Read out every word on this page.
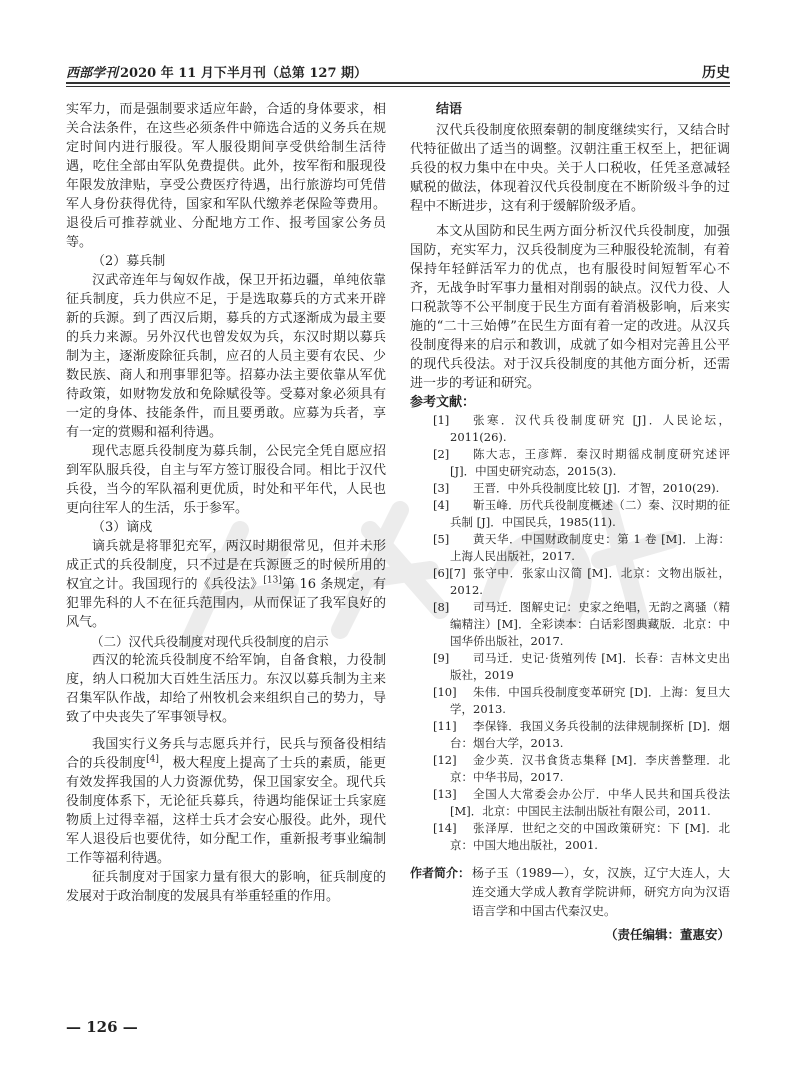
西部学刊 2020 年 11 月下半月刊（总第 127 期）	历史

实军力，而是强制要求适应年龄，合适的身体要求，相关合法条件，在这些必须条件中筛选合适的义务兵在规定时间内进行服役。军人服役期间享受供给制生活待遇，吃住全部由军队免费提供。此外，按军衔和服现役年限发放津贴，享受公费医疗待遇，出行旅游均可凭借军人身份获得优待，国家和军队代缴养老保险等费用。退役后可推荐就业、分配地方工作、报考国家公务员等。

（2）募兵制

汉武帝连年与匈奴作战，保卫开拓边疆，单纯依靠征兵制度，兵力供应不足，于是选取募兵的方式来开辟新的兵源。到了西汉后期，募兵的方式逐渐成为最主要的兵力来源。另外汉代也曾发奴为兵，东汉时期以募兵制为主，逐渐废除征兵制，应召的人员主要有农民、少数民族、商人和刑事罪犯等。招募办法主要依靠从军优待政策，如财物发放和免除赋役等。受募对象必须具有一定的身体、技能条件，而且要勇敢。应募为兵者，享有一定的赏赐和福利待遇。

现代志愿兵役制度为募兵制，公民完全凭自愿应招到军队服兵役，自主与军方签订服役合同。相比于汉代兵役，当今的军队福利更优质，时处和平年代，人民也更向往军人的生活，乐于参军。

（3）谪戍

谪兵就是将罪犯充军，两汉时期很常见，但并未形成正式的兵役制度，只不过是在兵源匮乏的时候所用的权宜之计。我国现行的《兵役法》[13]第 16 条规定，有犯罪先科的人不在征兵范围内，从而保证了我军良好的风气。

（二）汉代兵役制度对现代兵役制度的启示

西汉的轮流兵役制度不给军饷，自备食粮，力役制度，纳人口税加大百姓生活压力。东汉以募兵制为主来召集军队作战，却给了州牧机会来组织自己的势力，导致了中央丧失了军事领导权。

我国实行义务兵与志愿兵并行，民兵与预备役相结合的兵役制度[4]，极大程度上提高了士兵的素质，能更有效发挥我国的人力资源优势，保卫国家安全。现代兵役制度体系下，无论征兵募兵，待遇均能保证士兵家庭物质上过得幸福，这样士兵才会安心服役。此外，现代军人退役后也要优待，如分配工作，重新报考事业编制工作等福利待遇。

征兵制度对于国家力量有很大的影响，征兵制度的发展对于政治制度的发展具有举重轻重的作用。

结语

汉代兵役制度依照秦朝的制度继续实行，又结合时代特征做出了适当的调整。汉朝注重王权至上，把征调兵役的权力集中在中央。关于人口税收，任凭圣意减轻赋税的做法，体现着汉代兵役制度在不断阶级斗争的过程中不断进步，这有利于缓解阶级矛盾。

本文从国防和民生两方面分析汉代兵役制度，加强国防，充实军力，汉兵役制度为三种服役轮流制，有着保持年轻鲜活军力的优点，也有服役时间短暂军心不齐，无战争时军事力量相对削弱的缺点。汉代力役、人口税款等不公平制度于民生方面有着消极影响，后来实施的“二十三始傅”在民生方面有着一定的改进。从汉兵役制度得来的启示和教训，成就了如今相对完善且公平的现代兵役法。对于汉兵役制度的其他方面分析，还需进一步的考证和研究。

参考文献：

[1] 张寒．汉代兵役制度研究 [J]．人民论坛，2011(26).

[2] 陈大志，王彦辉．秦汉时期徭戍制度研究述评 [J]．中国史研究动态，2015(3).

[3] 王晋．中外兵役制度比较 [J]．才智，2010(29).

[4] 靳玉峰．历代兵役制度概述（二）秦、汉时期的征兵制 [J]．中国民兵，1985(11).

[5] 黄天华．中国财政制度史：第 1 卷 [M]．上海：上海人民出版社，2017.

[6][7] 张守中．张家山汉简 [M]．北京：文物出版社，2012.

[8] 司马迁．图解史记：史家之绝唱，无韵之离骚（精编精注）[M]．全彩读本：白话彩图典藏版．北京：中国华侨出版社，2017.

[9] 司马迁．史记·货殖列传 [M]．长春：吉林文史出版社，2019

[10] 朱伟．中国兵役制度变革研究 [D]．上海：复旦大学，2013.

[11] 李保锋．我国义务兵役制的法律规制探析 [D]．烟台：烟台大学，2013.

[12] 金少英．汉书食货志集释 [M]．李庆善整理．北京：中华书局，2017.

[13] 全国人大常委会办公厅．中华人民共和国兵役法[M]．北京：中国民主法制出版社有限公司，2011.

[14] 张泽厚．世纪之交的中国政策研究：下 [M]．北京：中国大地出版社，2001.

作者简介： 杨子玉（1989—），女，汉族，辽宁大连人，大连交通大学成人教育学院讲师，研究方向为汉语语言学和中国古代秦汉史。
（责任编辑：董惠安）
— 126 —
